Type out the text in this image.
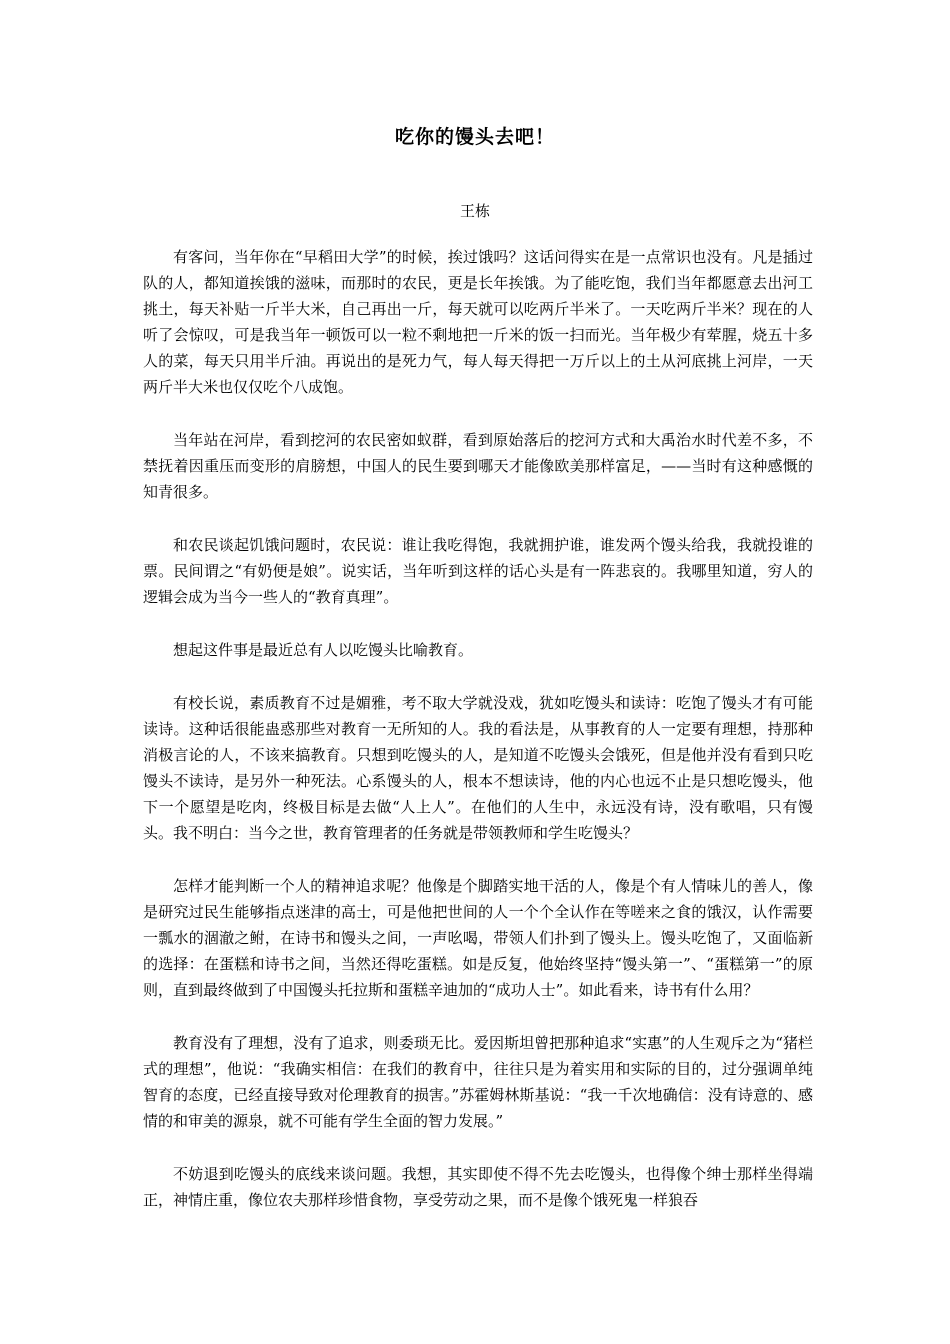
吃你的馒头去吧！
王栋

有客问，当年你在“早稻田大学”的时候，挨过饿吗？这话问得实在是一点常识也没有。凡是插过队的人，都知道挨饿的滋味，而那时的农民，更是长年挨饿。为了能吃饱，我们当年都愿意去出河工挑土，每天补贴一斤半大米，自己再出一斤，每天就可以吃两斤半米了。一天吃两斤半米？现在的人听了会惊叹，可是我当年一顿饭可以一粒不剩地把一斤米的饭一扫而光。当年极少有荤腥，烧五十多人的菜，每天只用半斤油。再说出的是死力气，每人每天得把一万斤以上的土从河底挑上河岸，一天两斤半大米也仅仅吃个八成饱。

当年站在河岸，看到挖河的农民密如蚁群，看到原始落后的挖河方式和大禹治水时代差不多，不禁抚着因重压而变形的肩膀想，中国人的民生要到哪天才能像欧美那样富足，——当时有这种感慨的知青很多。

和农民谈起饥饿问题时，农民说：谁让我吃得饱，我就拥护谁，谁发两个馒头给我，我就投谁的票。民间谓之“有奶便是娘”。说实话，当年听到这样的话心头是有一阵悲哀的。我哪里知道，穷人的逻辑会成为当今一些人的“教育真理”。

想起这件事是最近总有人以吃馒头比喻教育。

有校长说，素质教育不过是媚雅，考不取大学就没戏，犹如吃馒头和读诗：吃饱了馒头才有可能读诗。这种话很能蛊惑那些对教育一无所知的人。我的看法是，从事教育的人一定要有理想，持那种消极言论的人，不该来搞教育。只想到吃馒头的人，是知道不吃馒头会饿死，但是他并没有看到只吃馒头不读诗，是另外一种死法。心系馒头的人，根本不想读诗，他的内心也远不止是只想吃馒头，他下一个愿望是吃肉，终极目标是去做“人上人”。在他们的人生中，永远没有诗，没有歌唱，只有馒头。我不明白：当今之世，教育管理者的任务就是带领教师和学生吃馒头？

怎样才能判断一个人的精神追求呢？他像是个脚踏实地干活的人，像是个有人情味儿的善人，像是研究过民生能够指点迷津的高士，可是他把世间的人一个个全认作在等嗟来之食的饿汉，认作需要一瓢水的涸澈之鲋，在诗书和馒头之间，一声吆喝，带领人们扑到了馒头上。馒头吃饱了，又面临新的选择：在蛋糕和诗书之间，当然还得吃蛋糕。如是反复，他始终坚持“馒头第一”、“蛋糕第一”的原则，直到最终做到了中国馒头托拉斯和蛋糕辛迪加的“成功人士”。如此看来，诗书有什么用？

教育没有了理想，没有了追求，则委琐无比。爱因斯坦曾把那种追求“实惠”的人生观斥之为“猪栏式的理想”，他说：“我确实相信：在我们的教育中，往往只是为着实用和实际的目的，过分强调单纯智育的态度，已经直接导致对伦理教育的损害。”苏霍姆林斯基说：“我一千次地确信：没有诗意的、感情的和审美的源泉，就不可能有学生全面的智力发展。”

不妨退到吃馒头的底线来谈问题。我想，其实即使不得不先去吃馒头，也得像个绅士那样坐得端正，神情庄重，像位农夫那样珍惜食物，享受劳动之果，而不是像个饿死鬼一样狼吞
